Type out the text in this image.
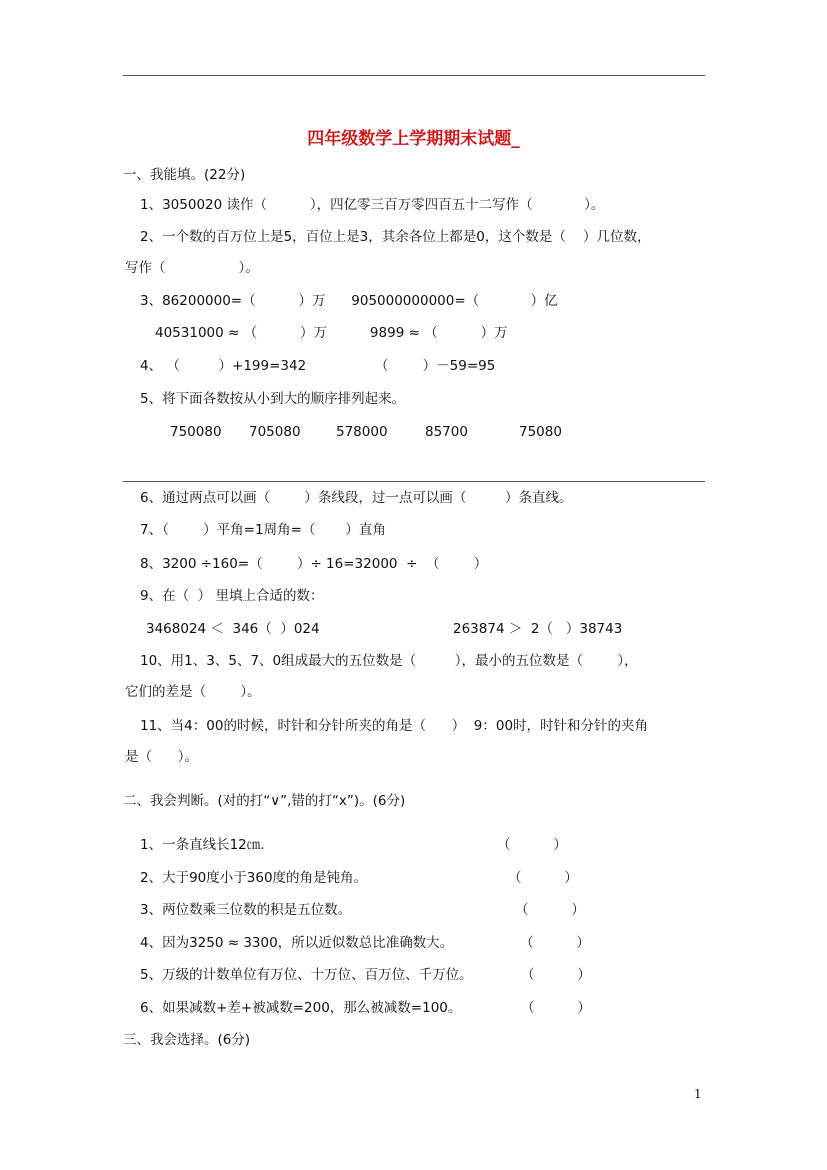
四年级数学上学期期末试题_
一、我能填。(22分)
1、3050020 读作（          ），四亿零三百万零四百五十二写作（            ）。
2、一个数的百万位上是5，百位上是3，其余各位上都是0，这个数是（    ）几位数，
写作（                 ）。
3、86200000=（          ）万      905000000000=（            ）亿
40531000 ≈ （          ）万          9899 ≈ （          ）万
4、 （         ）+199=342                （        ）－59=95
5、将下面各数按从小到大的顺序排列起来。
750080 705080	578000	85700	75080
6、通过两点可以画（        ）条线段，过一点可以画（         ）条直线。
7、（        ）平角=1周角=（       ）直角
8、3200 ÷160=（        ）÷ 16=32000  ÷  （        ）
9、在（  ） 里填上合适的数：
3468024 ＜  346（  ）024	263874 ＞  2（   ）38743
10、用1、3、5、7、0组成最大的五位数是（         ），最小的五位数是（        ），
它们的差是（        ）。
11、当4：00的时候，时针和分针所夹的角是（      ）  9：00时，时针和分针的夹角
是（      ）。
二、我会判断。(对的打“∨”,错的打“x”)。(6分)
1、一条直线长12㎝.	（          ）
2、大于90度小于360度的角是钝角。	（          ）
3、两位数乘三位数的积是五位数。	（          ）
4、因为3250 ≈ 3300，所以近似数总比准确数大。	（          ）
5、万级的计数单位有万位、十万位、百万位、千万位。	（          ）
6、如果减数+差+被减数=200，那么被减数=100。	（          ）
三、我会选择。(6分)
1
